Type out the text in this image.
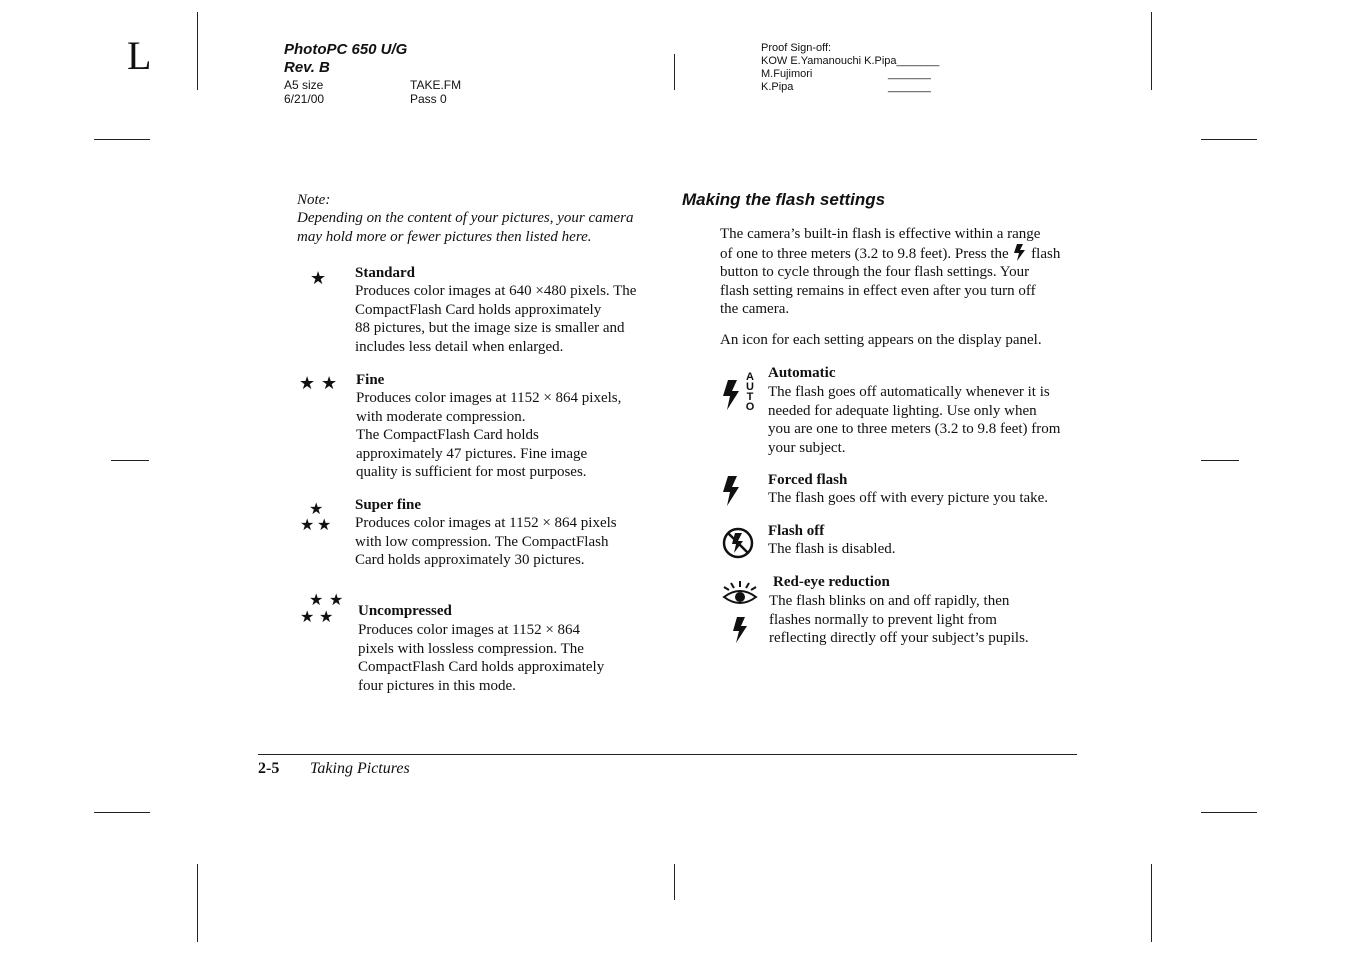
L	PhotoPC 650 U/G
Rev. B
A5 size	TAKE.FM
6/21/00	Pass 0
Proof Sign-off:
KOW E.Yamanouchi K.Pipa_______
M.Fujimori	_______
K.Pipa	_______
Note:
Depending on the content of your pictures, your camera may hold more or fewer pictures then listed here.
★ Standard
Produces color images at 640 ×480 pixels. The
CompactFlash Card holds approximately
88 pictures, but the image size is smaller and
includes less detail when enlarged.
★ ★ Fine
Produces color images at 1152 × 864 pixels,
with moderate compression.
The CompactFlash Card holds
approximately 47 pictures. Fine image
quality is sufficient for most purposes.
★
★ ★
Super fine
Produces color images at 1152 × 864 pixels
with low compression. The CompactFlash
Card holds approximately 30 pictures.
★ ★
★ ★ Uncompressed
Produces color images at 1152 × 864
pixels with lossless compression. The
CompactFlash Card holds approximately
four pictures in this mode.
Making the flash settings
The camera’s built-in flash is effective within a range
of one to three meters (3.2 to 9.8 feet). Press the flash
button to cycle through the four flash settings. Your
flash setting remains in effect even after you turn off
the camera.
An icon for each setting appears on the display panel.
A
U
T
O
Automatic
The flash goes off automatically whenever it is
needed for adequate lighting. Use only when
you are one to three meters (3.2 to 9.8 feet) from
your subject.
Forced flash
The flash goes off with every picture you take.
Flash off
The flash is disabled.
Red-eye reduction
The flash blinks on and off rapidly, then
flashes normally to prevent light from
reflecting directly off your subject’s pupils.
2-5 Taking Pictures
